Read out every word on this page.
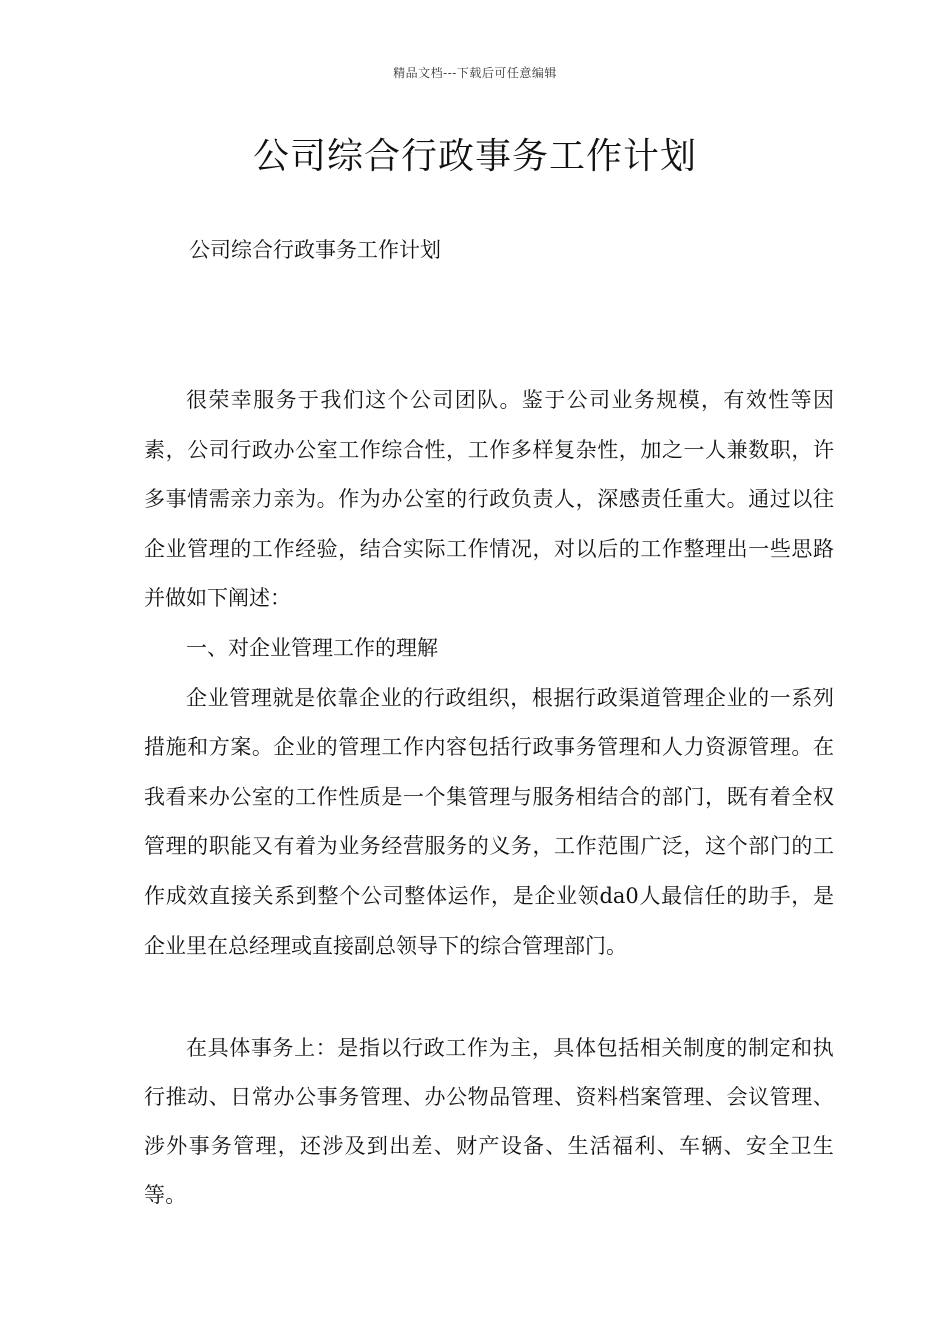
精品文档---下载后可任意编辑
公司综合行政事务工作计划
公司综合行政事务工作计划

很荣幸服务于我们这个公司团队。鉴于公司业务规模，有效性等因素，公司行政办公室工作综合性，工作多样复杂性，加之一人兼数职，许多事情需亲力亲为。作为办公室的行政负责人，深感责任重大。通过以往企业管理的工作经验，结合实际工作情况，对以后的工作整理出一些思路并做如下阐述：

一、对企业管理工作的理解

企业管理就是依靠企业的行政组织，根据行政渠道管理企业的一系列措施和方案。企业的管理工作内容包括行政事务管理和人力资源管理。在我看来办公室的工作性质是一个集管理与服务相结合的部门，既有着全权管理的职能又有着为业务经营服务的义务，工作范围广泛，这个部门的工作成效直接关系到整个公司整体运作，是企业领da0人最信任的助手，是企业里在总经理或直接副总领导下的综合管理部门。

在具体事务上：是指以行政工作为主，具体包括相关制度的制定和执行推动、日常办公事务管理、办公物品管理、资料档案管理、会议管理、涉外事务管理，还涉及到出差、财产设备、生活福利、车辆、安全卫生等。
